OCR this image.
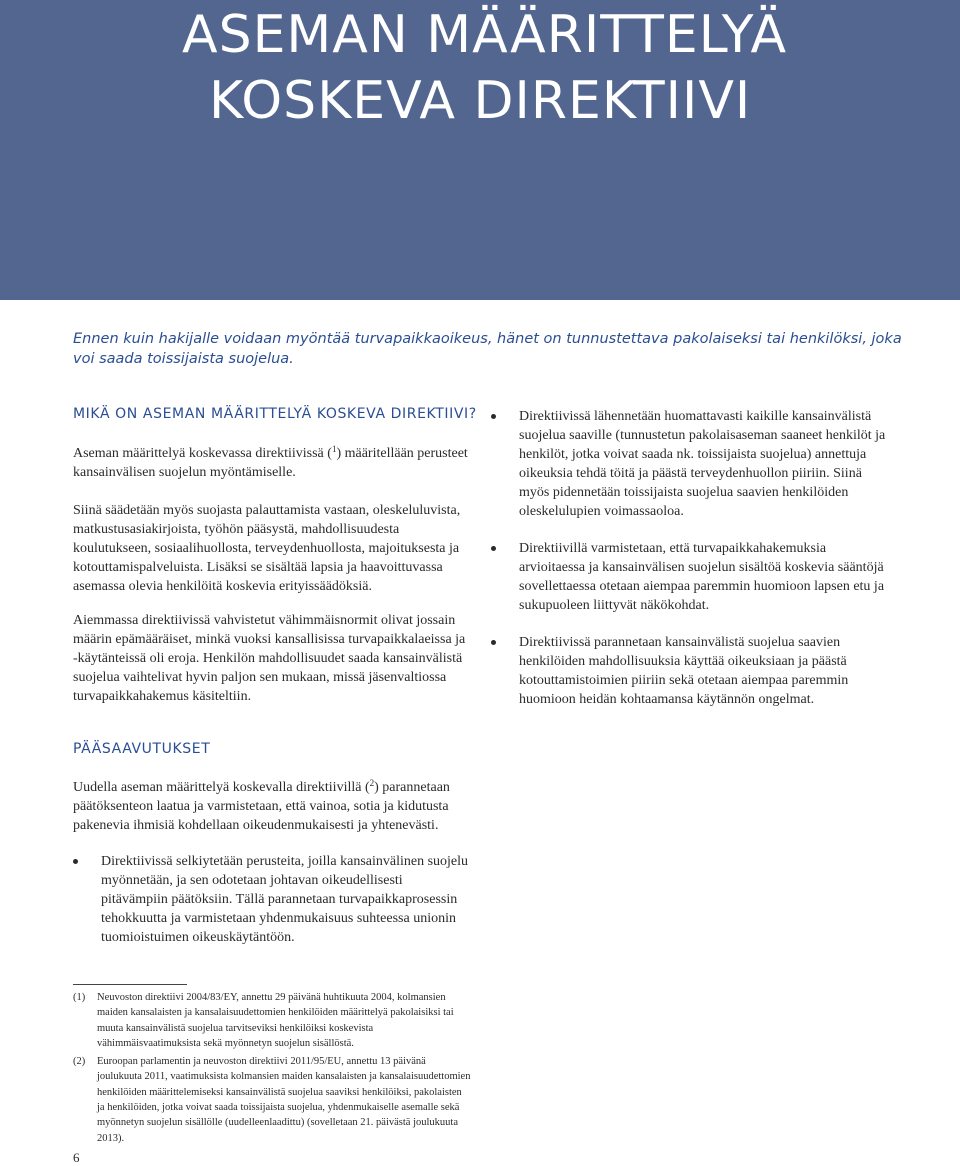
ASEMAN MÄÄRITTELYÄ
KOSKEVA DIREKTIIVI

Ennen kuin hakijalle voidaan myöntää turvapaikkaoikeus, hänet on tunnustettava pakolaiseksi tai henkilöksi, joka voi saada toissijaista suojelua.

MIKÄ ON ASEMAN MÄÄRITTELYÄ KOSKEVA DIREKTIIVI?

Aseman määrittelyä koskevassa direktiivissä ($^1$) määritellään perusteet kansainvälisen suojelun myöntämiselle.

Siinä säädetään myös suojasta palauttamista vastaan, oleskeluluvista, matkustusasiakirjoista, työhön pääsystä, mahdollisuudesta koulutukseen, sosiaalihuollosta, terveydenhuollosta, majoituksesta ja kotouttamispalveluista. Lisäksi se sisältää lapsia ja haavoittuvassa asemassa olevia henkilöitä koskevia erityissäädöksiä.

Aiemmassa direktiivissä vahvistetut vähimmäisnormit olivat jossain määrin epämääräiset, minkä vuoksi kansallisissa turvapaikkalaeissa ja -käytänteissä oli eroja. Henkilön mahdollisuudet saada kansainvälistä suojelua vaihtelivat hyvin paljon sen mukaan, missä jäsenvaltiossa turvapaikkahakemus käsiteltiin.

Direktiivissä lähennetään huomattavasti kaikille kansainvälistä suojelua saaville (tunnustetun pakolaisaseman saaneet henkilöt ja henkilöt, jotka voivat saada nk. toissijaista suojelua) annettuja oikeuksia tehdä töitä ja päästä terveydenhuollon piiriin. Siinä myös pidennetään toissijaista suojelua saavien henkilöiden oleskelulupien voimassaoloa.
Direktiivillä varmistetaan, että turvapaikkahakemuksia arvioitaessa ja kansainvälisen suojelun sisältöä koskevia sääntöjä sovellettaessa otetaan aiempaa paremmin huomioon lapsen etu ja sukupuoleen liittyvät näkökohdat.
Direktiivissä parannetaan kansainvälistä suojelua saavien henkilöiden mahdollisuuksia käyttää oikeuksiaan ja päästä kotouttamistoimien piiriin sekä otetaan aiempaa paremmin huomioon heidän kohtaamansa käytännön ongelmat.
PÄÄSAAVUTUKSET

Uudella aseman määrittelyä koskevalla direktiivillä ($^2$) parannetaan päätöksenteon laatua ja varmistetaan, että vainoa, sotia ja kidutusta pakenevia ihmisiä kohdellaan oikeudenmukaisesti ja yhtenevästi.

Direktiivissä selkiytetään perusteita, joilla kansainvälinen suojelu myönnetään, ja sen odotetaan johtavan oikeudellisesti pitävämpiin päätöksiin. Tällä parannetaan turvapaikkaprosessin tehokkuutta ja varmistetaan yhdenmukaisuus suhteessa unionin tuomioistuimen oikeuskäytäntöön.
(1) Neuvoston direktiivi 2004/83/EY, annettu 29 päivänä huhtikuuta 2004, kolmansien maiden kansalaisten ja kansalaisuudettomien henkilöiden määrittelyä pakolaisiksi tai muuta kansainvälistä suojelua tarvitseviksi henkilöiksi koskevista vähimmäisvaatimuksista sekä myönnetyn suojelun sisällöstä.
(2) Euroopan parlamentin ja neuvoston direktiivi 2011/95/EU, annettu 13 päivänä joulukuuta 2011, vaatimuksista kolmansien maiden kansalaisten ja kansalaisuudettomien henkilöiden määrittelemiseksi kansainvälistä suojelua saaviksi henkilöiksi, pakolaisten ja henkilöiden, jotka voivat saada toissijaista suojelua, yhdenmukaiselle asemalle sekä myönnetyn suojelun sisällölle (uudelleenlaadittu) (sovelletaan 21. päivästä joulukuuta 2013).
6
